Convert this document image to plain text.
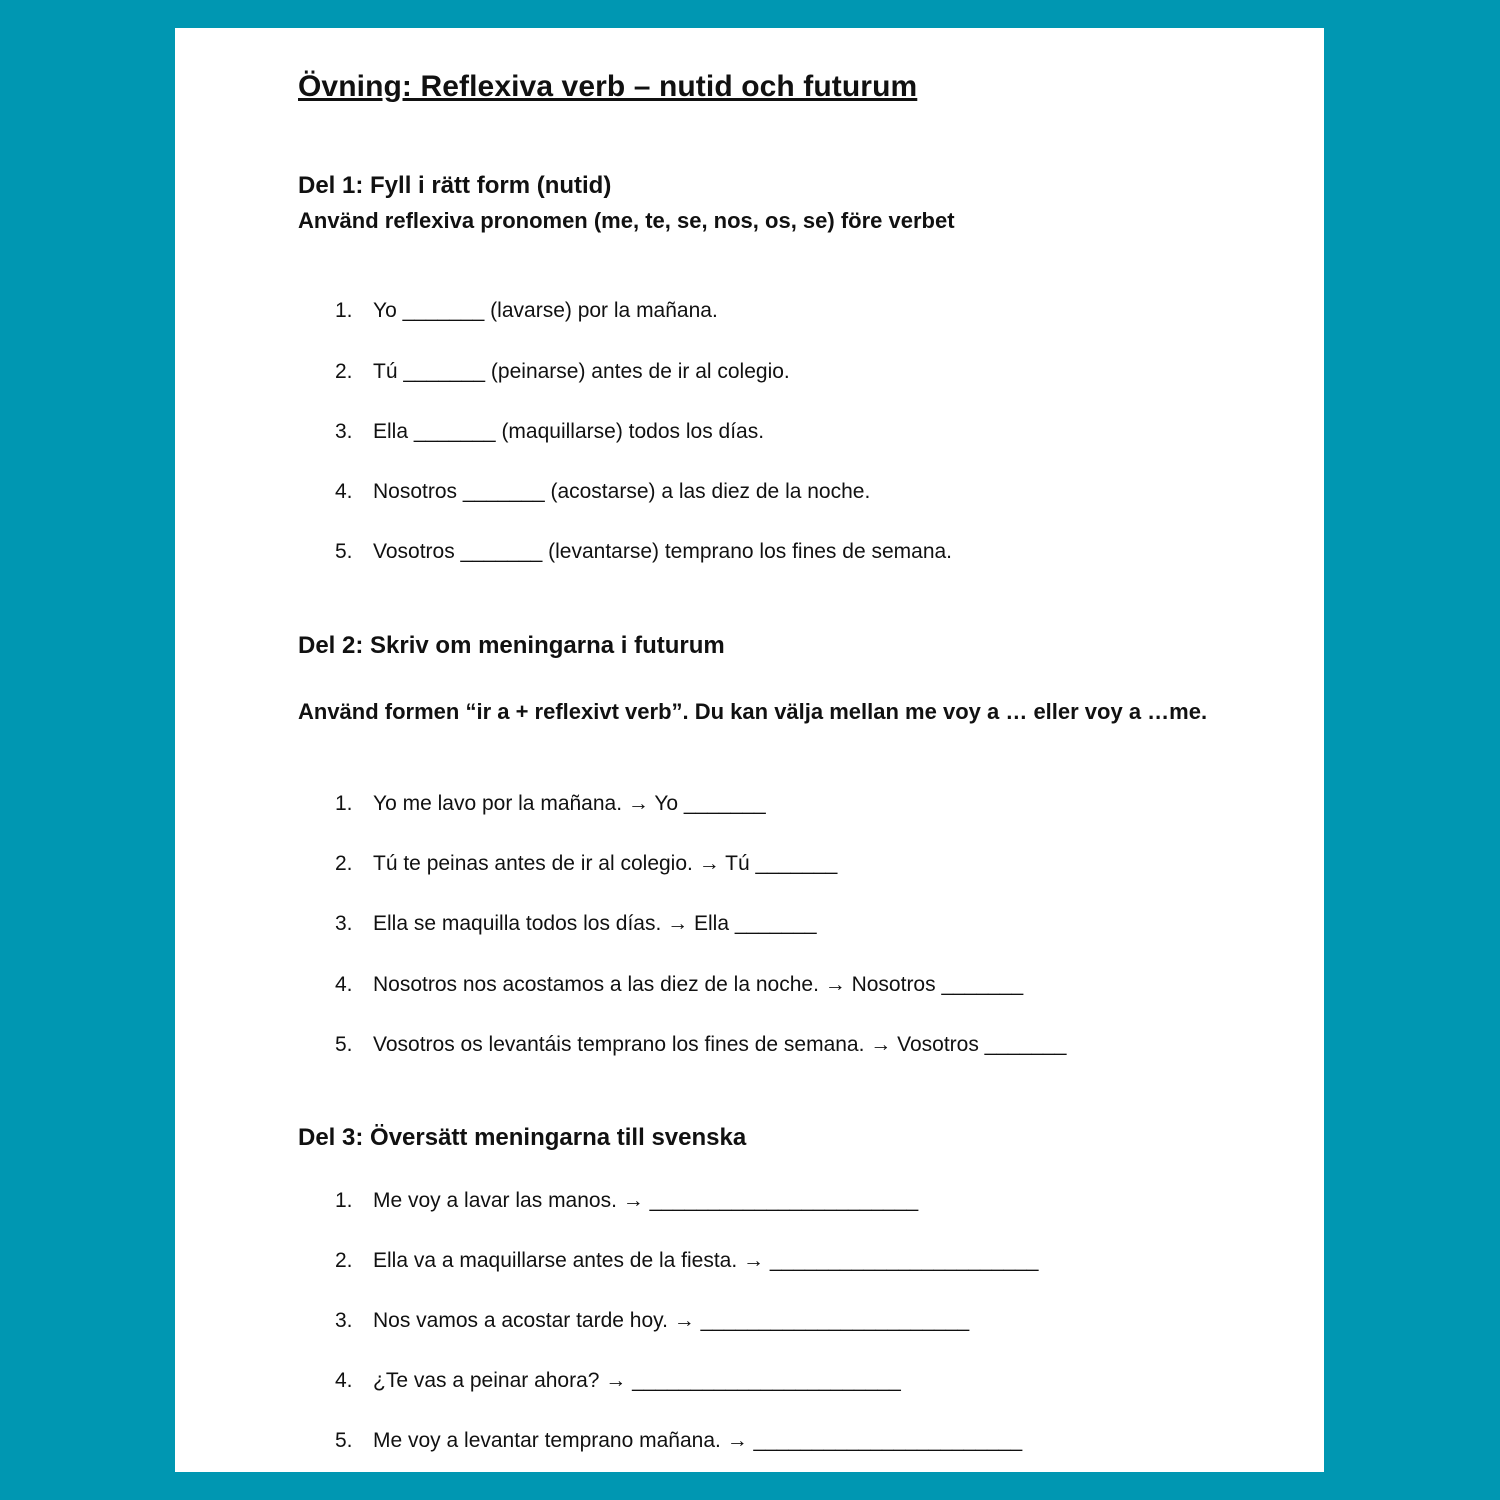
Övning: Reflexiva verb – nutid och futurum
Del 1: Fyll i rätt form (nutid)
Använd reflexiva pronomen (me, te, se, nos, os, se) före verbet
1. Yo _______ (lavarse) por la mañana.
2. Tú _______ (peinarse) antes de ir al colegio.
3. Ella _______ (maquillarse) todos los días.
4. Nosotros _______ (acostarse) a las diez de la noche.
5. Vosotros _______ (levantarse) temprano los fines de semana.
Del 2: Skriv om meningarna i futurum
Använd formen “ir a + reflexivt verb”. Du kan välja mellan me voy a … eller voy a …me.
1. Yo me lavo por la mañana. → Yo _______
2. Tú te peinas antes de ir al colegio. → Tú _______
3. Ella se maquilla todos los días. → Ella _______
4. Nosotros nos acostamos a las diez de la noche. → Nosotros _______
5. Vosotros os levantáis temprano los fines de semana. → Vosotros _______
Del 3: Översätt meningarna till svenska
1. Me voy a lavar las manos. → _______________________
2. Ella va a maquillarse antes de la fiesta. → _______________________
3. Nos vamos a acostar tarde hoy. → _______________________
4. ¿Te vas a peinar ahora? → _______________________
5. Me voy a levantar temprano mañana. → _______________________
